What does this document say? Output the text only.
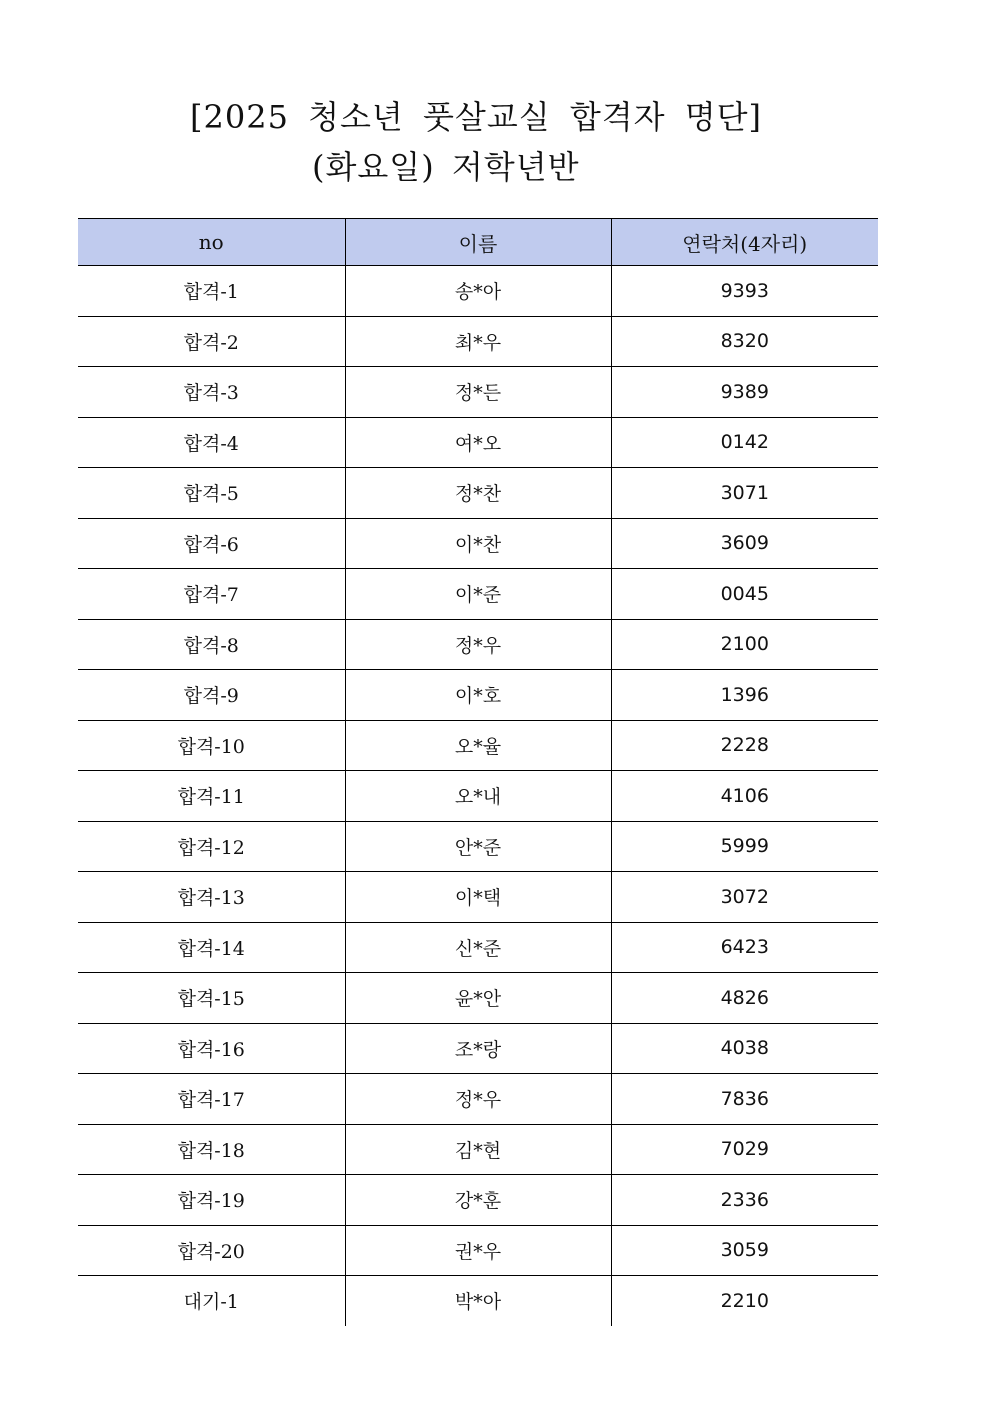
[2025 청소년 풋살교실 합격자 명단]
(화요일) 저학년반
no	이름	연락처(4자리)
합격-1	송*아	9393
합격-2	최*우	8320
합격-3	정*든	9389
합격-4	여*오	0142
합격-5	정*찬	3071
합격-6	이*찬	3609
합격-7	이*준	0045
합격-8	정*우	2100
합격-9	이*호	1396
합격-10	오*율	2228
합격-11	오*내	4106
합격-12	안*준	5999
합격-13	이*택	3072
합격-14	신*준	6423
합격-15	윤*안	4826
합격-16	조*랑	4038
합격-17	정*우	7836
합격-18	김*현	7029
합격-19	강*훈	2336
합격-20	권*우	3059
대기-1	박*아	2210
